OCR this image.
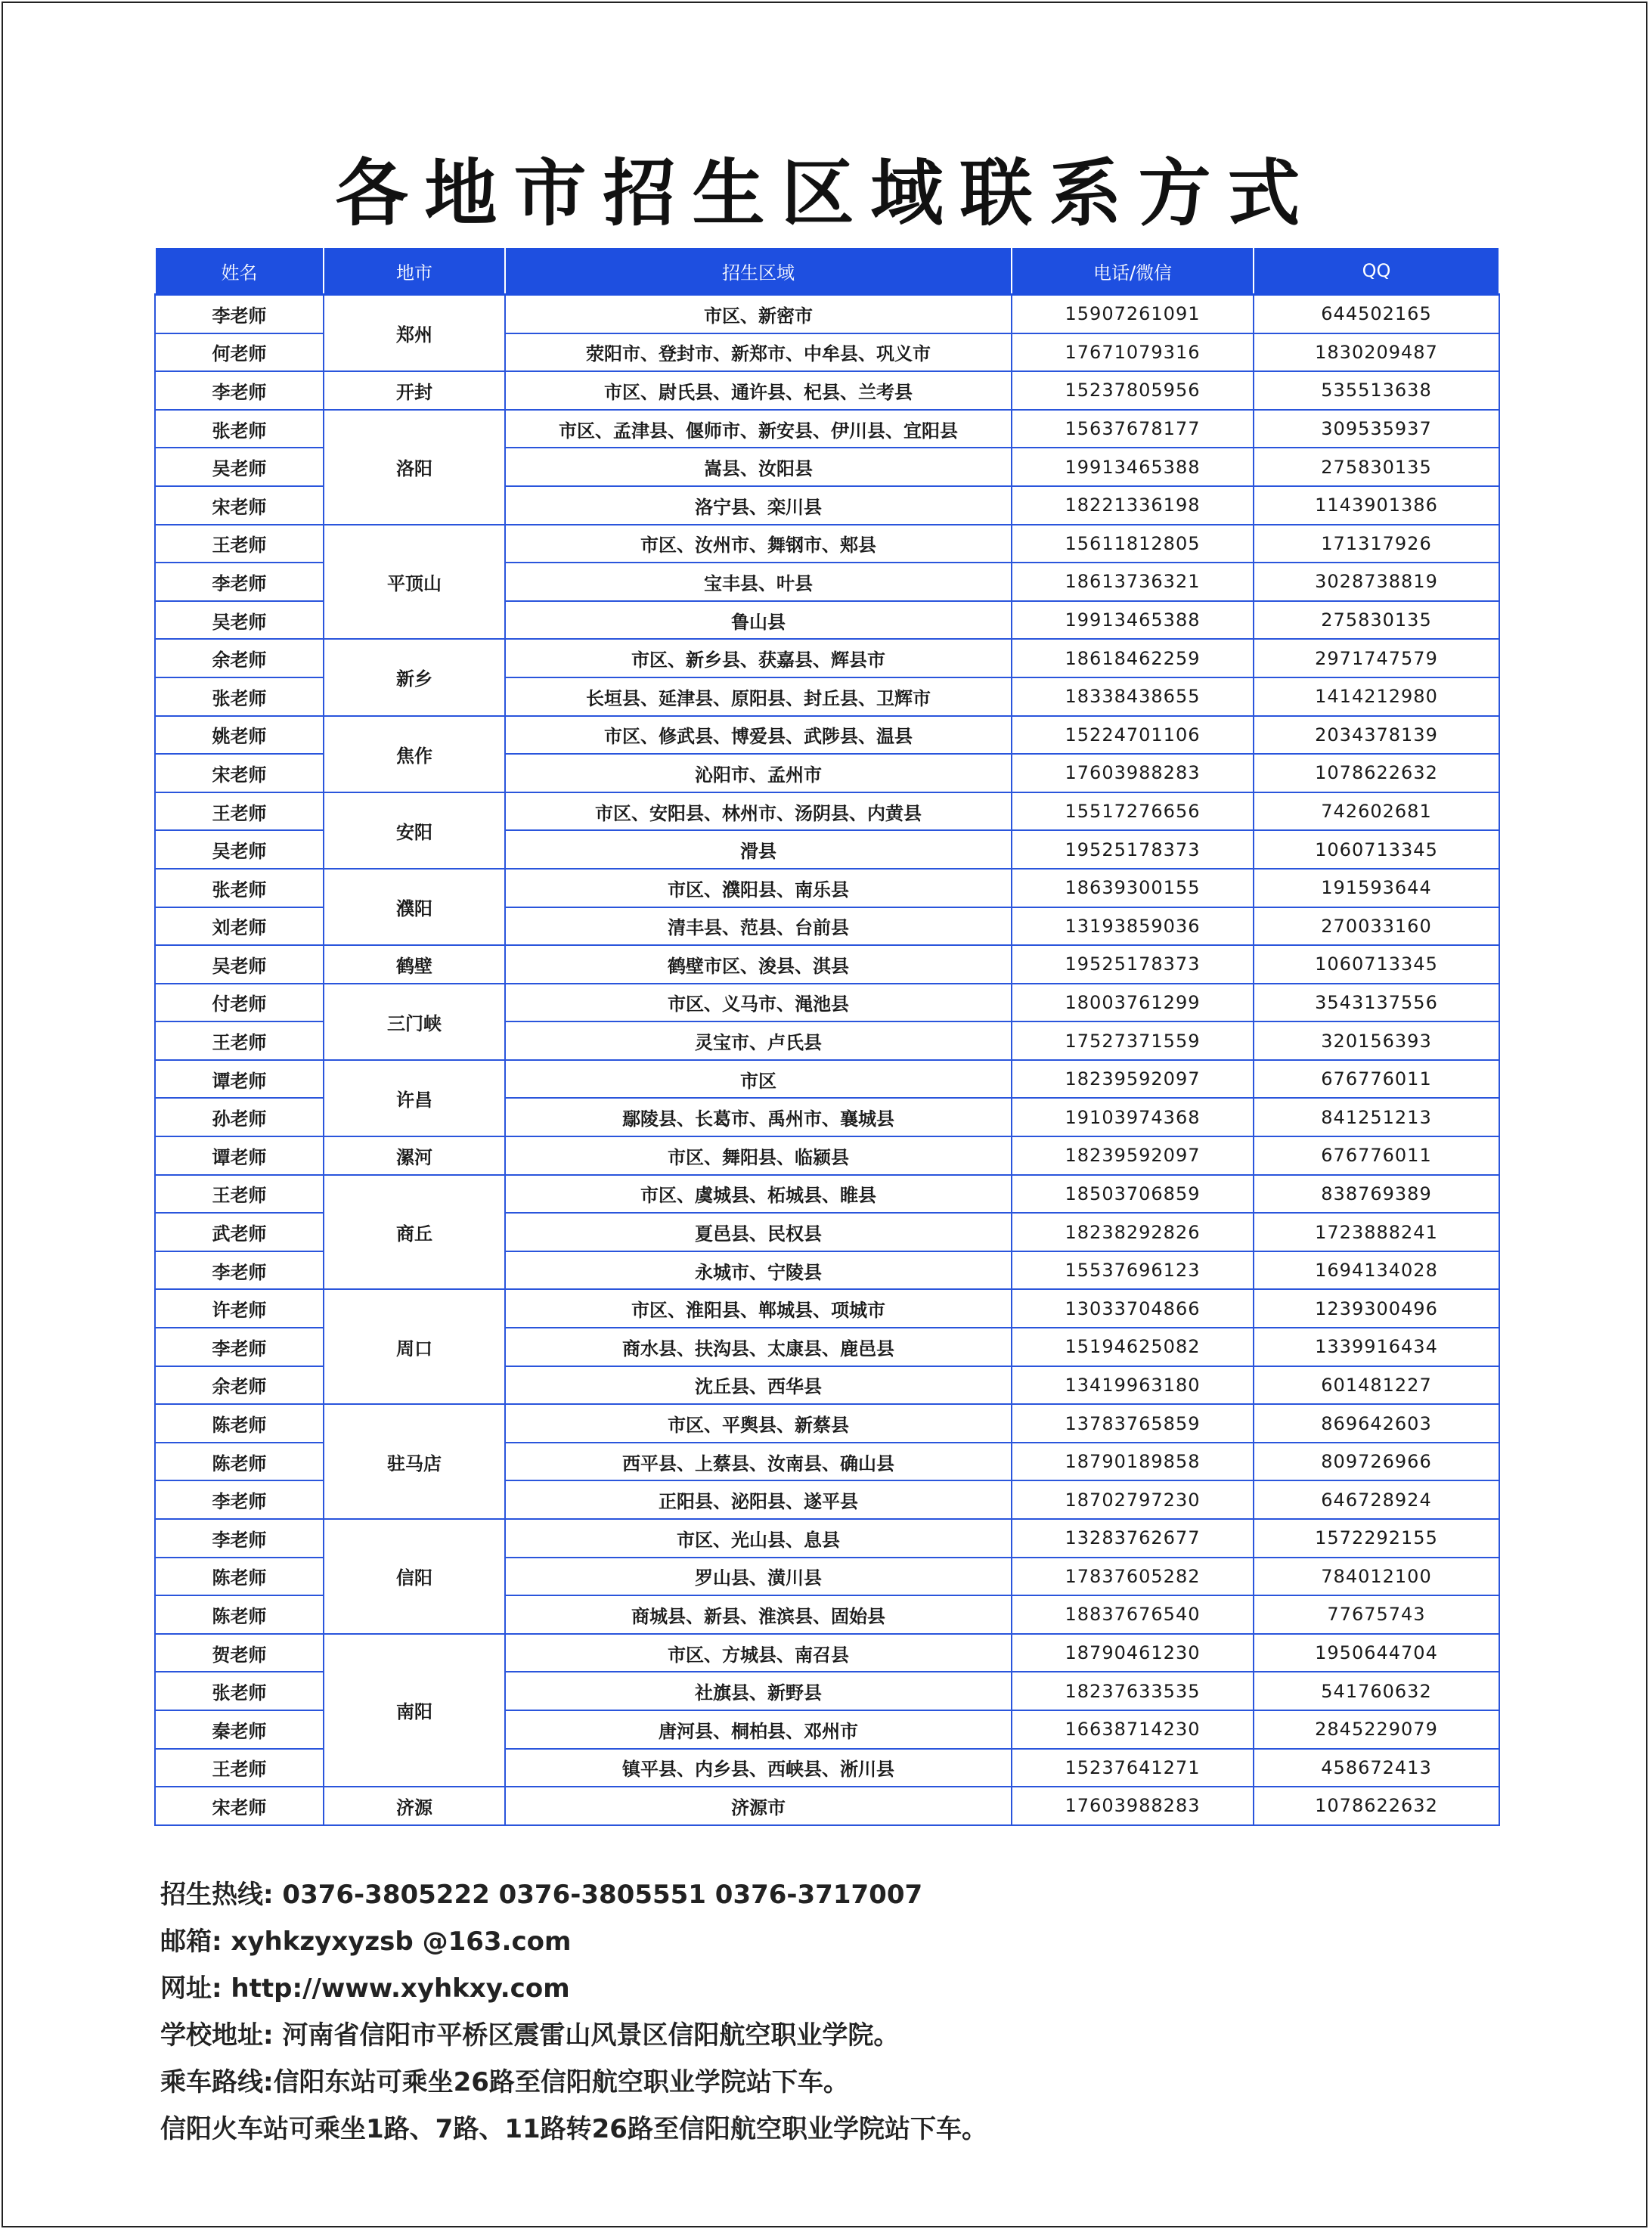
各地市招生区域联系方式
姓名	地市	招生区域	电话/微信	QQ
李老师	郑州	市区、新密市	15907261091	644502165
何老师		荥阳市、登封市、新郑市、中牟县、巩义市	17671079316	1830209487
李老师	开封	市区、尉氏县、通许县、杞县、兰考县	15237805956	535513638
张老师	洛阳	市区、孟津县、偃师市、新安县、伊川县、宜阳县	15637678177	309535937
吴老师		嵩县、汝阳县	19913465388	275830135
宋老师		洛宁县、栾川县	18221336198	1143901386
王老师	平顶山	市区、汝州市、舞钢市、郏县	15611812805	171317926
李老师		宝丰县、叶县	18613736321	3028738819
吴老师		鲁山县	19913465388	275830135
余老师	新乡	市区、新乡县、获嘉县、辉县市	18618462259	2971747579
张老师		长垣县、延津县、原阳县、封丘县、卫辉市	18338438655	1414212980
姚老师	焦作	市区、修武县、博爱县、武陟县、温县	15224701106	2034378139
宋老师		沁阳市、孟州市	17603988283	1078622632
王老师	安阳	市区、安阳县、林州市、汤阴县、内黄县	15517276656	742602681
吴老师		滑县	19525178373	1060713345
张老师	濮阳	市区、濮阳县、南乐县	18639300155	191593644
刘老师		清丰县、范县、台前县	13193859036	270033160
吴老师	鹤壁	鹤壁市区、浚县、淇县	19525178373	1060713345
付老师	三门峡	市区、义马市、渑池县	18003761299	3543137556
王老师		灵宝市、卢氏县	17527371559	320156393
谭老师	许昌	市区	18239592097	676776011
孙老师		鄢陵县、长葛市、禹州市、襄城县	19103974368	841251213
谭老师	漯河	市区、舞阳县、临颍县	18239592097	676776011
王老师	商丘	市区、虞城县、柘城县、睢县	18503706859	838769389
武老师		夏邑县、民权县	18238292826	1723888241
李老师		永城市、宁陵县	15537696123	1694134028
许老师	周口	市区、淮阳县、郸城县、项城市	13033704866	1239300496
李老师		商水县、扶沟县、太康县、鹿邑县	15194625082	1339916434
余老师		沈丘县、西华县	13419963180	601481227
陈老师	驻马店	市区、平舆县、新蔡县	13783765859	869642603
陈老师		西平县、上蔡县、汝南县、确山县	18790189858	809726966
李老师		正阳县、泌阳县、遂平县	18702797230	646728924
李老师	信阳	市区、光山县、息县	13283762677	1572292155
陈老师		罗山县、潢川县	17837605282	784012100
陈老师		商城县、新县、淮滨县、固始县	18837676540	77675743
贺老师	南阳	市区、方城县、南召县	18790461230	1950644704
张老师		社旗县、新野县	18237633535	541760632
秦老师		唐河县、桐柏县、邓州市	16638714230	2845229079
王老师		镇平县、内乡县、西峡县、淅川县	15237641271	458672413
宋老师	济源	济源市	17603988283	1078622632
招生热线: 0376-3805222 0376-3805551 0376-3717007
邮箱: xyhkzyxyzsb @163.com
网址: http://www.xyhkxy.com
学校地址: 河南省信阳市平桥区震雷山风景区信阳航空职业学院。
乘车路线:信阳东站可乘坐26路至信阳航空职业学院站下车。
信阳火车站可乘坐1路、7路、11路转26路至信阳航空职业学院站下车。
